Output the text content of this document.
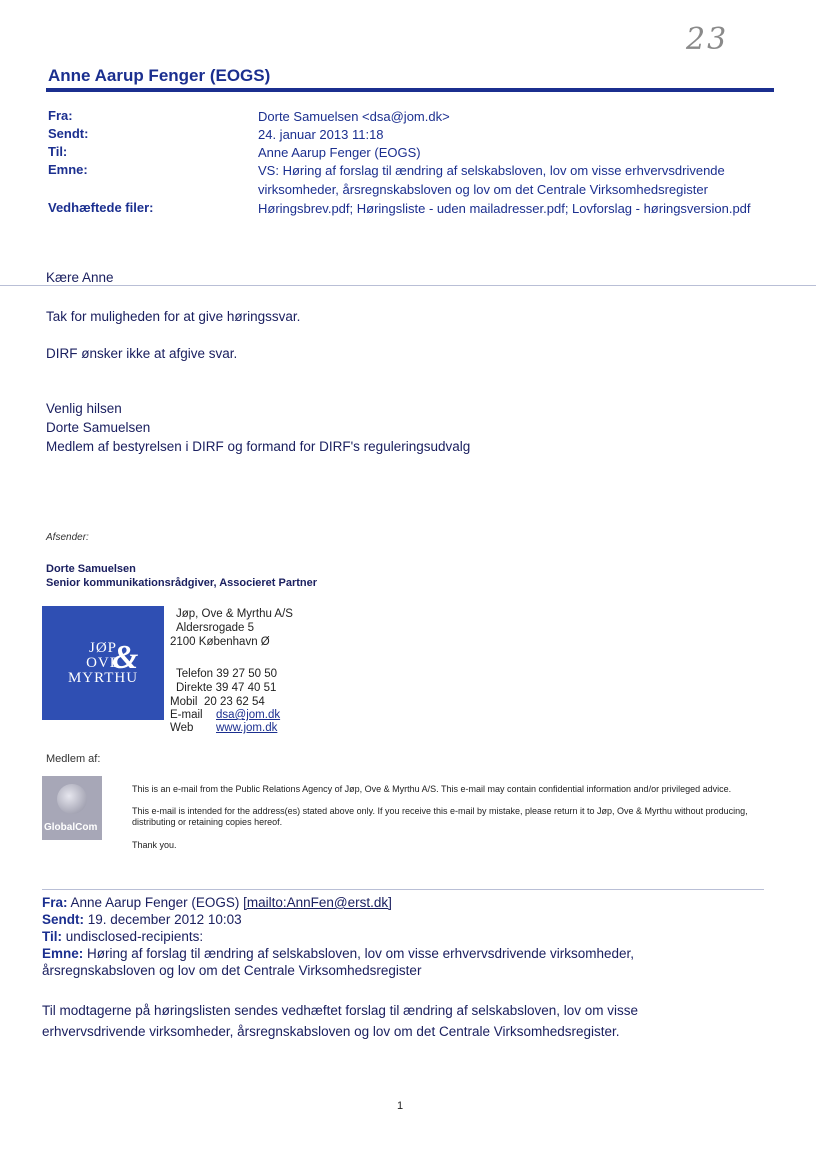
23
Anne Aarup Fenger (EOGS)
Fra:	Dorte Samuelsen <dsa@jom.dk>
Sendt:	24. januar 2013 11:18
Til:	Anne Aarup Fenger (EOGS)
Emne:	VS: Høring af forslag til ændring af selskabsloven, lov om visse erhvervsdrivende virksomheder, årsregnskabsloven og lov om det Centrale Virksomhedsregister
Vedhæftede filer:	Høringsbrev.pdf; Høringsliste - uden mailadresser.pdf; Lovforslag - høringsversion.pdf
Kære Anne
Tak for muligheden for at give høringssvar.
DIRF ønsker ikke at afgive svar.
Venlig hilsen
Dorte Samuelsen
Medlem af bestyrelsen i DIRF og formand for DIRF's reguleringsudvalg
Afsender:
Dorte Samuelsen
Senior kommunikationsrådgiver, Associeret Partner
JØP
OVE
MYRTHU
&
Jøp, Ove & Myrthu A/S
Aldersrogade 5
2100 København Ø
Telefon 39 27 50 50
Direkte 39 47 40 51
Mobil 20 23 62 54
E-mail dsa@jom.dk
Web www.jom.dk
Medlem af:
GlobalCom
This is an e-mail from the Public Relations Agency of Jøp, Ove & Myrthu A/S. This e-mail may contain confidential information and/or privileged advice.
This e-mail is intended for the address(es) stated above only. If you receive this e-mail by mistake, please return it to Jøp, Ove & Myrthu without producing, distributing or retaining copies hereof.
Thank you.
Fra: Anne Aarup Fenger (EOGS) [mailto:AnnFen@erst.dk]
Sendt: 19. december 2012 10:03
Til: undisclosed-recipients:
Emne: Høring af forslag til ændring af selskabsloven, lov om visse erhvervsdrivende virksomheder, årsregnskabsloven og lov om det Centrale Virksomhedsregister
Til modtagerne på høringslisten sendes vedhæftet forslag til ændring af selskabsloven, lov om visse erhvervsdrivende virksomheder, årsregnskabsloven og lov om det Centrale Virksomhedsregister.
1
